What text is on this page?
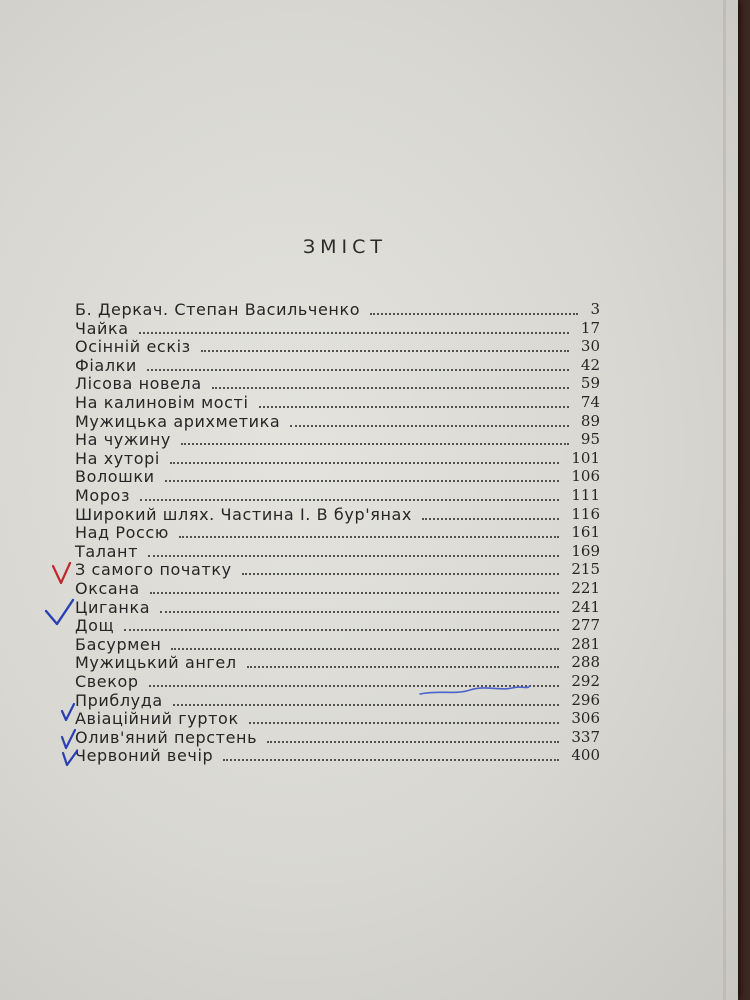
ЗМІСТ
Б. Деркач. Степан Васильченко	3
Чайка	17
Осінній ескіз	30
Фіалки	42
Лісова новела	59
На калиновім мості	74
Мужицька арихметика	89
На чужину	95
На хуторі	101
Волошки	106
Мороз	111
Широкий шлях. Частина І. В бур'янах	116
Над Россю	161
Талант	169
З самого початку	215
Оксана	221
Циганка	241
Дощ	277
Басурмен	281
Мужицький ангел	288
Свекор	292
Приблуда	296
Авіаційний гурток	306
Олив'яний перстень	337
Червоний вечір	400
